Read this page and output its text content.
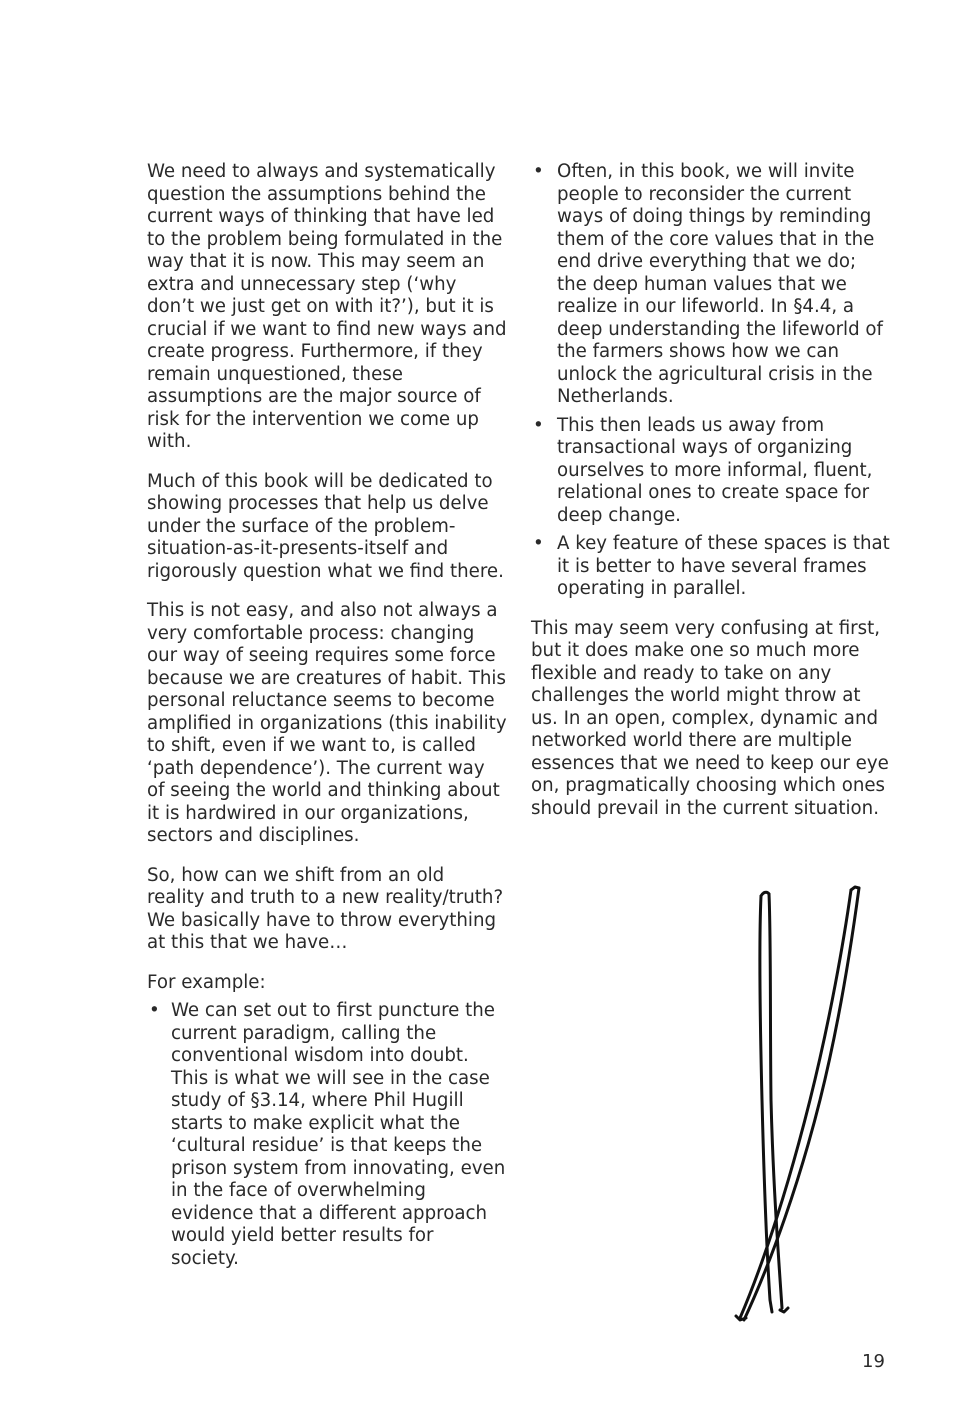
We need to always and systematically question the assumptions behind the current ways of thinking that have led to the problem being formulated in the way that it is now. This may seem an extra and unnecessary step (‘why don’t we just get on with it?’), but it is crucial if we want to find new ways and create progress. Furthermore, if they remain unquestioned, these assumptions are the major source of risk for the intervention we come up with.

Much of this book will be dedicated to showing processes that help us delve under the surface of the problem-situation-as-it-presents-itself and rigorously question what we find there.

This is not easy, and also not always a very comfortable process: changing our way of seeing requires some force because we are creatures of habit. This personal reluctance seems to become amplified in organizations (this inability to shift, even if we want to, is called ‘path dependence’). The current way of seeing the world and thinking about it is hardwired in our organizations, sectors and disciplines.

So, how can we shift from an old reality and truth to a new reality/truth? We basically have to throw everything at this that we have…

For example:

• We can set out to first puncture the current paradigm, calling the conventional wisdom into doubt. This is what we will see in the case study of §3.14, where Phil Hugill starts to make explicit what the ‘cultural residue’ is that keeps the prison system from innovating, even in the face of overwhelming evidence that a different approach would yield better results for society.
• Often, in this book, we will invite people to reconsider the current ways of doing things by reminding them of the core values that in the end drive everything that we do; the deep human values that we realize in our lifeworld. In §4.4, a deep understanding the lifeworld of the farmers shows how we can unlock the agricultural crisis in the Netherlands.
• This then leads us away from transactional ways of organizing ourselves to more informal, fluent, relational ones to create space for deep change.
• A key feature of these spaces is that it is better to have several frames operating in parallel.

This may seem very confusing at first, but it does make one so much more flexible and ready to take on any challenges the world might throw at us. In an open, complex, dynamic and networked world there are multiple essences that we need to keep our eye on, pragmatically choosing which ones should prevail in the current situation.

19
